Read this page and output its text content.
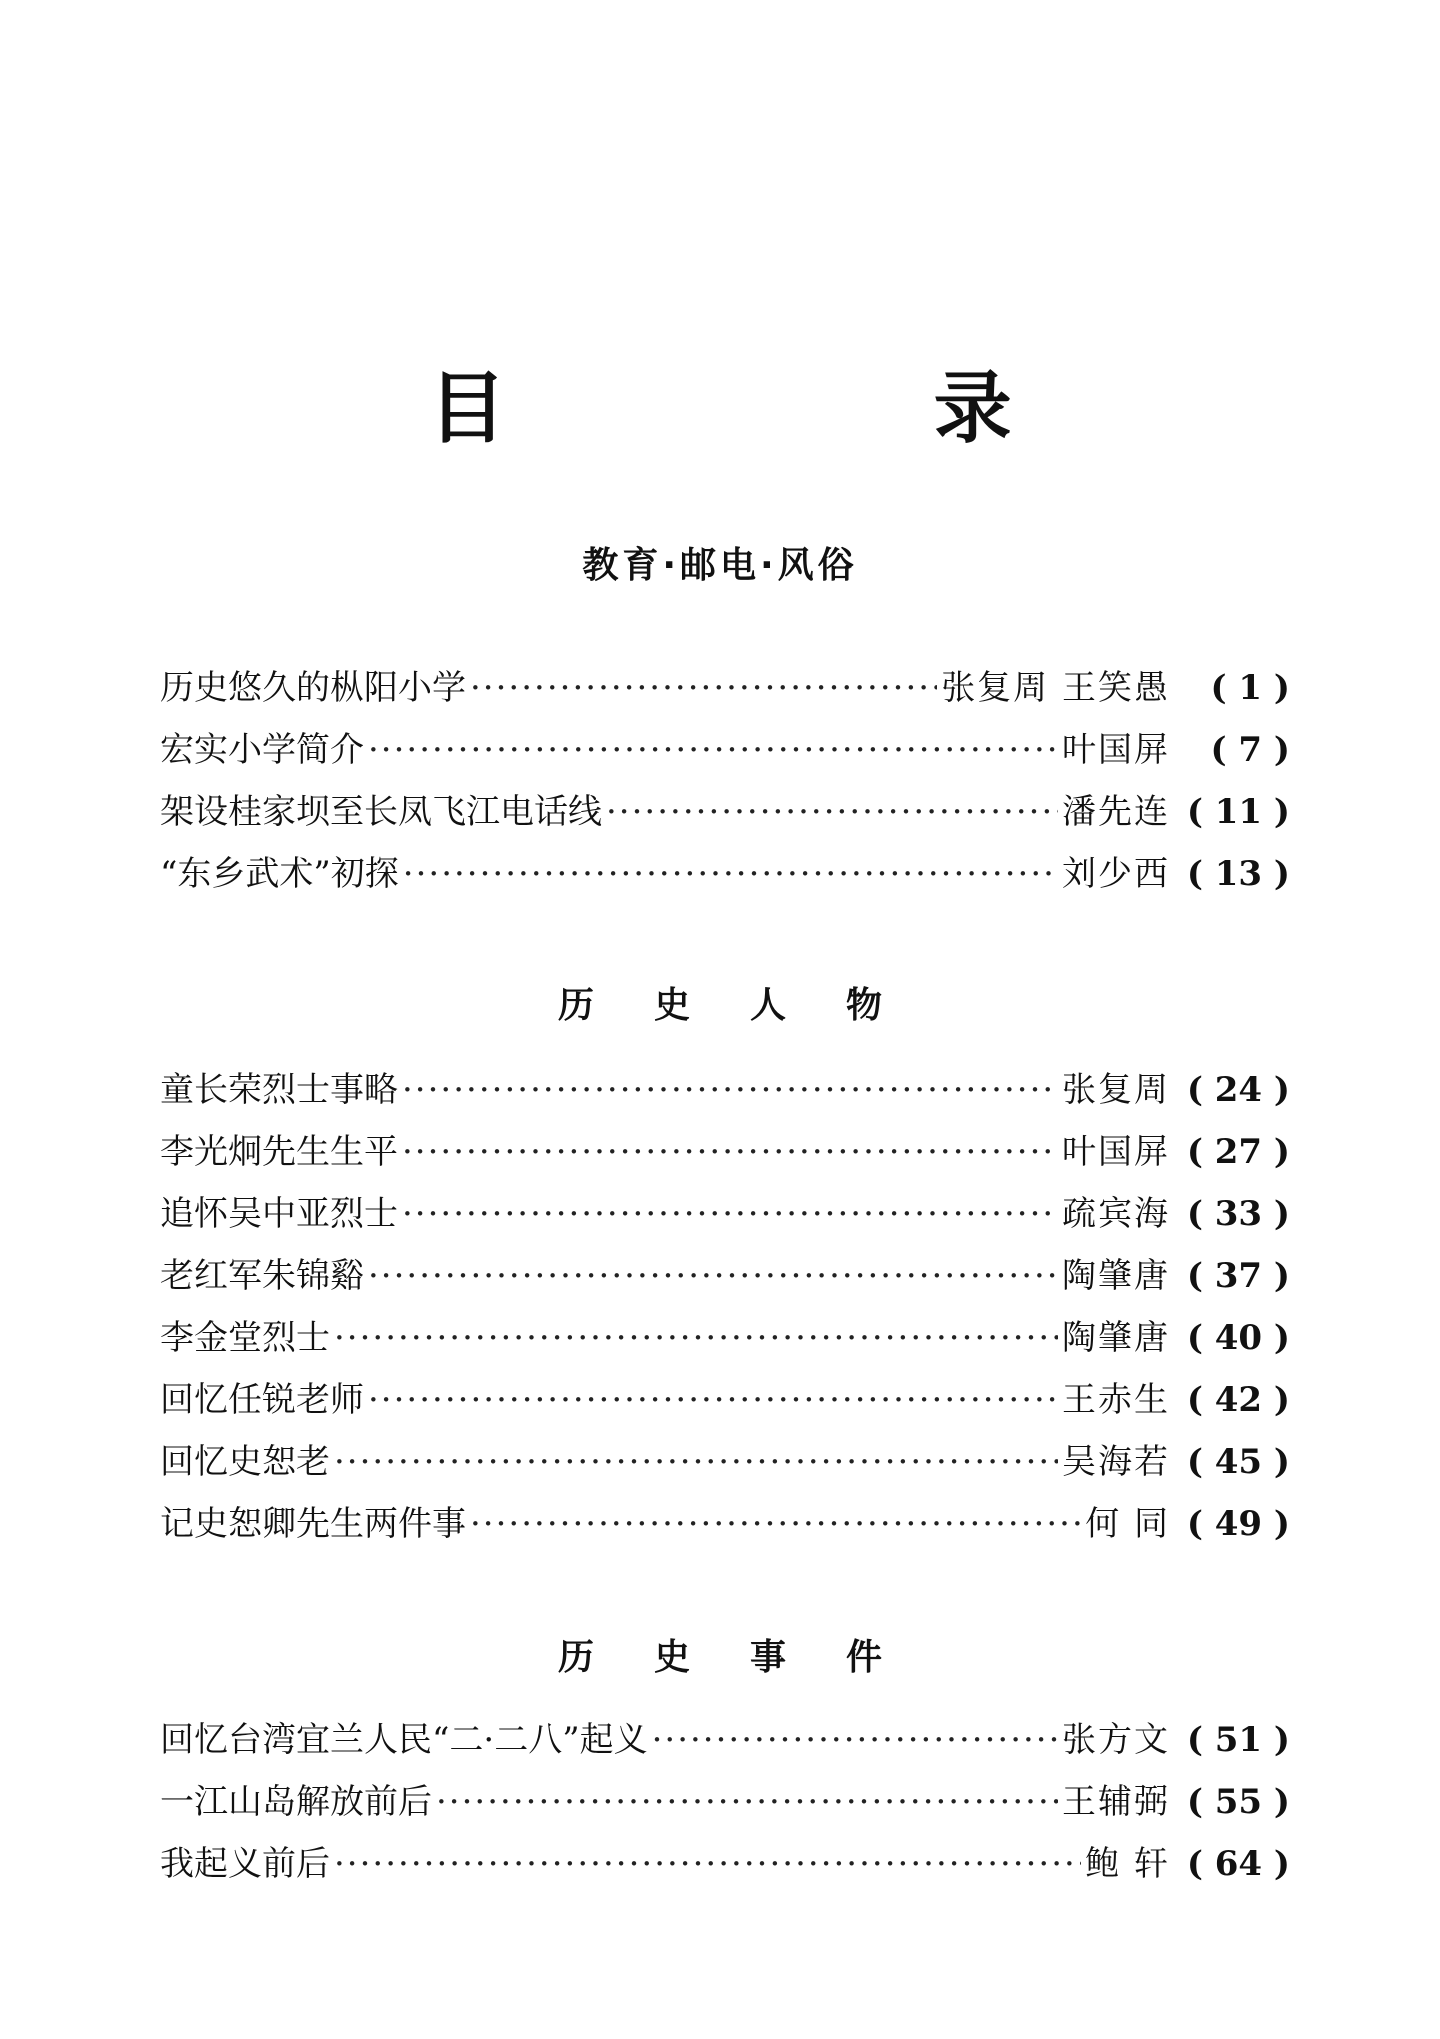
目 录
教育·邮电·风俗
历史悠久的枞阳小学 ·····	张复周 王笑愚	( 1 )
宏实小学简介 ·····	叶国屏	( 7 )
架设桂家坝至长凤飞江电话线 ·····	潘先连 ( 11 )
“东乡武术”初探 ·····	刘少西 ( 13 )
历史人物
童长荣烈士事略 ·····	张复周 ( 24 )
李光炯先生生平 ·····	叶国屏 ( 27 )
追怀吴中亚烈士 ·····	疏宾海 ( 33 )
老红军朱锦谿 ·····	陶肇唐 ( 37 )
李金堂烈士 ·····	陶肇唐 ( 40 )
回忆任锐老师 ·····	王赤生 ( 42 )
回忆史恕老 ·····	吴海若 ( 45 )
记史恕卿先生两件事 ·····	何 同 ( 49 )
历史事件
回忆台湾宜兰人民“二·二八”起义 ·····	张方文 ( 51 )
一江山岛解放前后 ·····	王辅弼 ( 55 )
我起义前后 ·····	鲍 轩 ( 64 )
